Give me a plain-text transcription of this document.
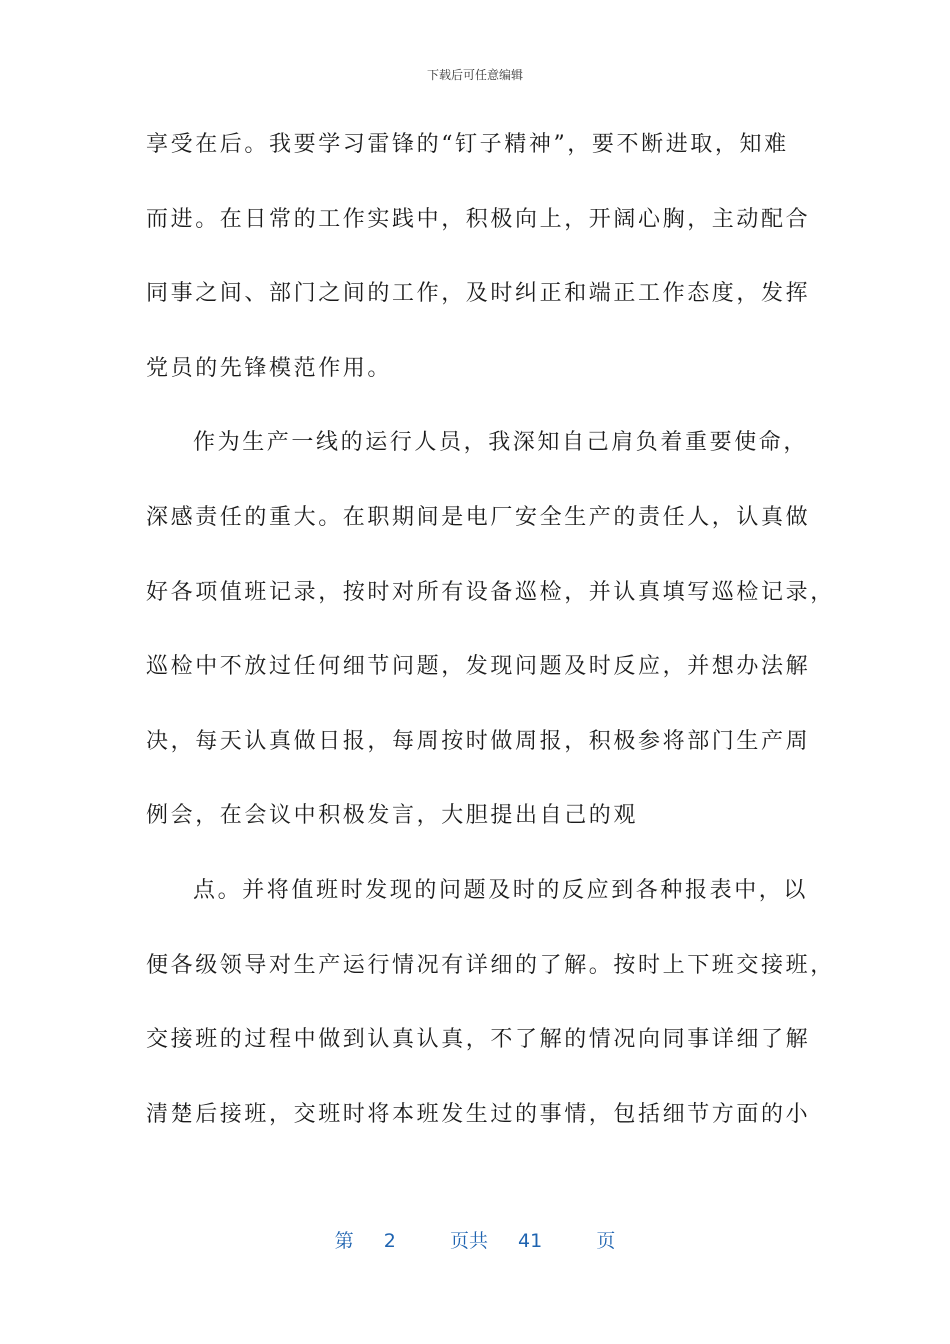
下载后可任意编辑
享受在后。我要学习雷锋的“钉子精神”，要不断进取，知难
而进。在日常的工作实践中，积极向上，开阔心胸，主动配合
同事之间、部门之间的工作，及时纠正和端正工作态度，发挥
党员的先锋模范作用。
作为生产一线的运行人员，我深知自己肩负着重要使命，
深感责任的重大。在职期间是电厂安全生产的责任人，认真做
好各项值班记录，按时对所有设备巡检，并认真填写巡检记录，
巡检中不放过任何细节问题，发现问题及时反应，并想办法解
决，每天认真做日报，每周按时做周报，积极参将部门生产周
例会，在会议中积极发言，大胆提出自己的观
点。并将值班时发现的问题及时的反应到各种报表中，以
便各级领导对生产运行情况有详细的了解。按时上下班交接班，
交接班的过程中做到认真认真，不了解的情况向同事详细了解
清楚后接班，交班时将本班发生过的事情，包括细节方面的小
第 2	页共 41	页
